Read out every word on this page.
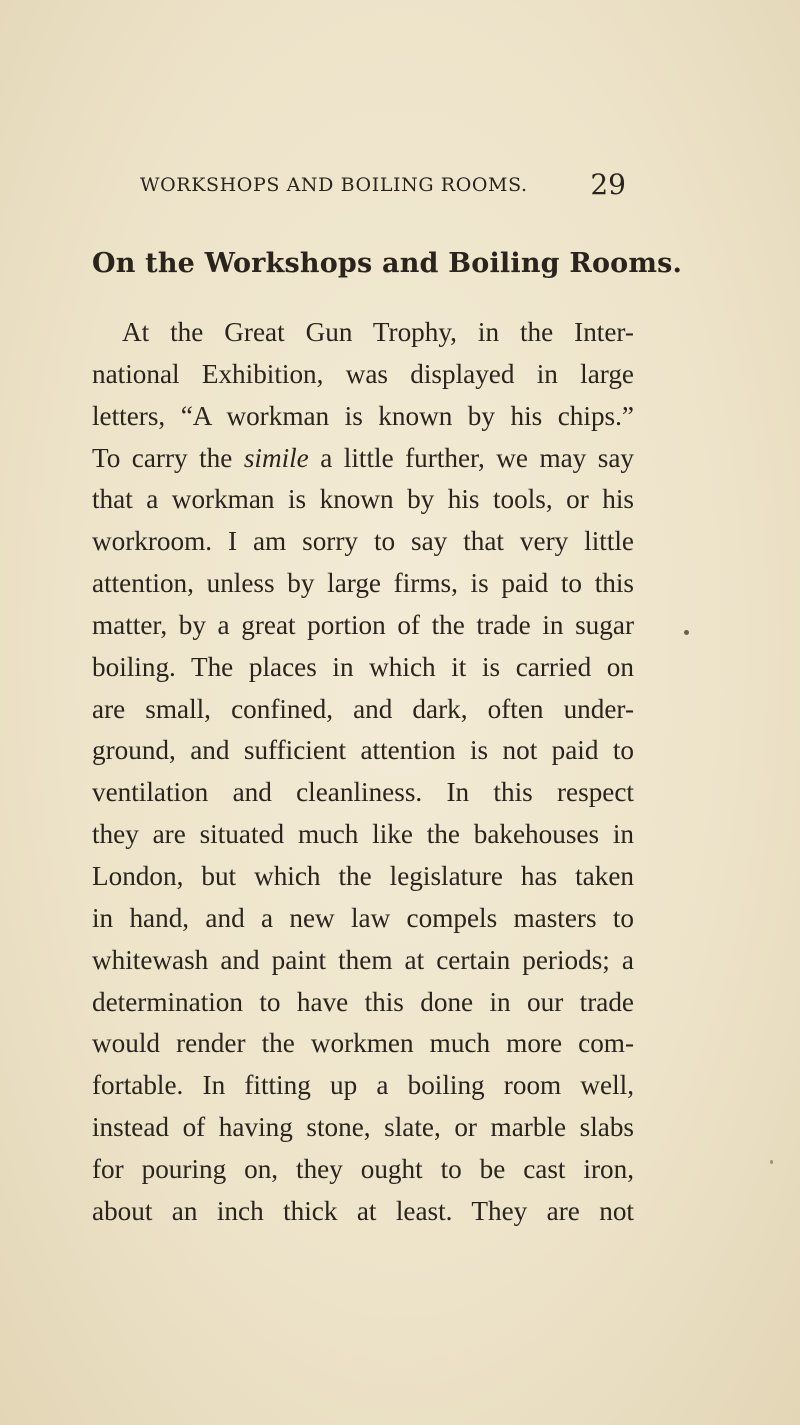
WORKSHOPS AND BOILING ROOMS. 29
On the Workshops and Boiling Rooms.
At the Great Gun Trophy, in the Inter-
national Exhibition, was displayed in large
letters, “A workman is known by his chips.”
To carry the simile a little further, we may say
that a workman is known by his tools, or his
workroom. I am sorry to say that very little
attention, unless by large firms, is paid to this
matter, by a great portion of the trade in sugar
boiling. The places in which it is carried on
are small, confined, and dark, often under-
ground, and sufficient attention is not paid to
ventilation and cleanliness. In this respect
they are situated much like the bakehouses in
London, but which the legislature has taken
in hand, and a new law compels masters to
whitewash and paint them at certain periods; a
determination to have this done in our trade
would render the workmen much more com-
fortable. In fitting up a boiling room well,
instead of having stone, slate, or marble slabs
for pouring on, they ought to be cast iron,
about an inch thick at least. They are not
